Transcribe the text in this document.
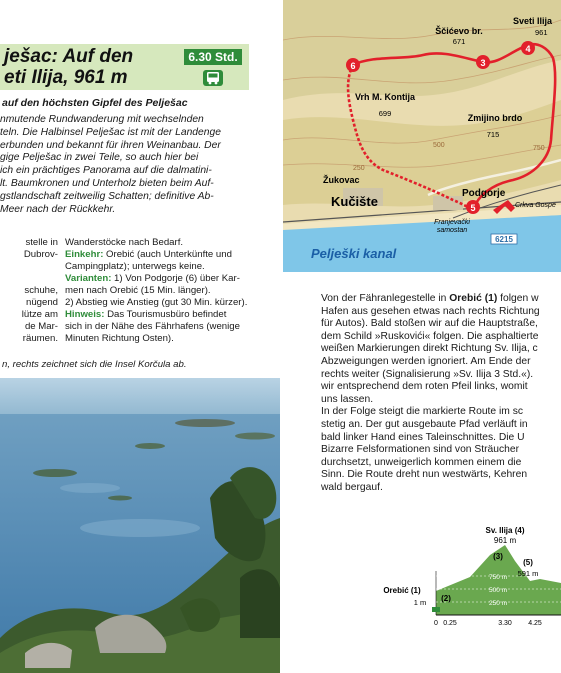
ješac: Auf den
eti Ilija, 961 m
6.30 Std.
auf den höchsten Gipfel des Pelješac
nmutende Rundwanderung mit wechselnden
teln. Die Halbinsel Pelješac ist mit der Landenge
erbunden und bekannt für ihren Weinanbau. Der
gige Pelješac in zwei Teile, so auch hier bei
ich ein prächtiges Panorama auf die dalmatini-
lt. Baumkronen und Unterholz bieten beim Auf-
gstlandschaft zeitweilig Schatten; definitive Ab-
Meer nach der Rückkehr.
stelle in
Dubrov-
schuhe,
nügend
lütze am
de Mar-
räumen.
Wanderstöcke nach Bedarf.
Einkehr: Orebić (auch Unterkünfte und
Campingplatz); unterwegs keine.
Varianten: 1) Von Podgorje (6) über Kar-
men nach Orebić (15 Min. länger).
2) Abstieg wie Anstieg (gut 30 Min. kürzer).
Hinweis: Das Tourismusbüro befindet
sich in der Nähe des Fährhafens (wenige
Minuten Richtung Osten).
n, rechts zeichnet sich die Insel Korčula ab.
6	3
4
5
Ščićevo br.
671
Sveti Ilija
961
Vrh M. Kontija
699	Zmijino brdo
715
Žukovac
Kučište
Podgorje
Crkva Gospe
Franjevački
samostan
6215
Pelješki kanal
250
500	750
Von der Fähranlegestelle in Orebić (1) folgen w
Hafen aus gesehen etwas nach rechts Richtung
für Autos). Bald stoßen wir auf die Hauptstraße,
dem Schild »Ruskovići« folgen. Die asphaltierte
weißen Markierungen direkt Richtung Sv. Ilija, c
Abzweigungen werden ignoriert. Am Ende der
rechts weiter (Signalisierung »Sv. Ilija 3 Std.«).
wir entsprechend dem roten Pfeil links, womit
uns lassen.
In der Folge steigt die markierte Route im sc
stetig an. Der gut ausgebaute Pfad verläuft in
bald linker Hand eines Taleinschnittes. Die U
Bizarre Felsformationen sind von Sträucher
durchsetzt, unweigerlich kommen einem die
Sinn. Die Route dreht nun westwärts, Kehren
wald bergauf.
Sv. Ilija (4)
961 m
(3)
(5)
591 m
(2)
Orebić (1)
1 m
750 m
500 m
250 m
0 0.25	3.30 4.25
